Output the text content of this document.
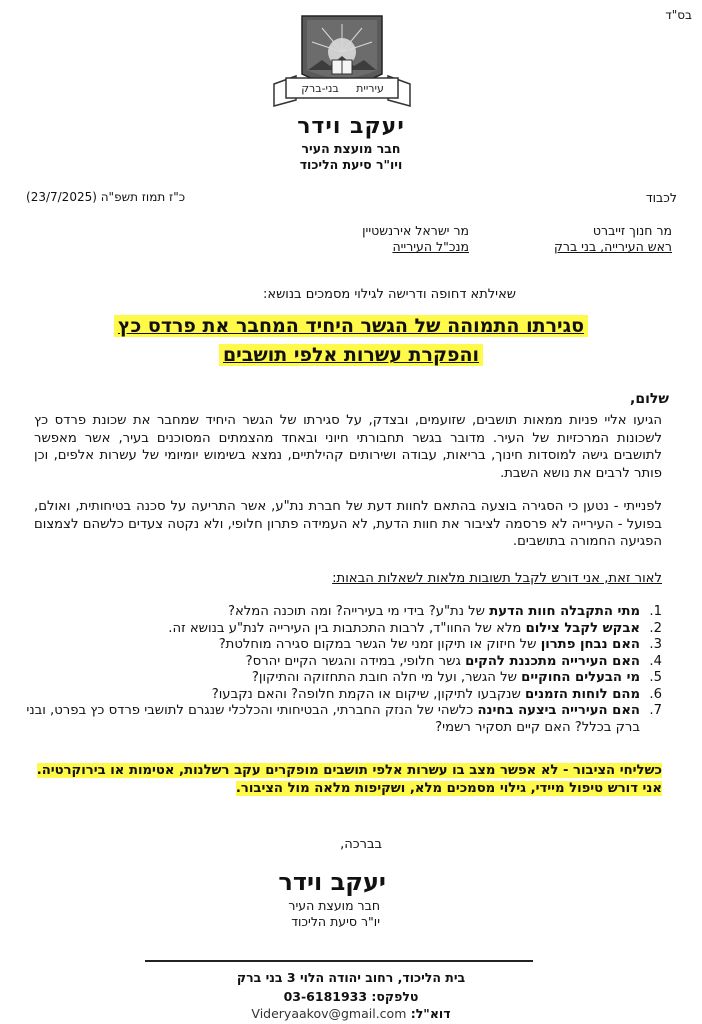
בס"ד
בני-ברק עיריית
יעקב וידר
חבר מועצת העיר
ויו"ר סיעת הליכוד
לכבוד
כ"ז תמוז תשפ"ה (23/7/2025)
מר חנוך זייברט
ראש העירייה, בני ברק
מר ישראל אירנשטיין
מנכ"ל העירייה
שאילתא דחופה ודרישה לגילוי מסמכים בנושא:
סגירתו התמוהה של הגשר היחיד המחבר את פרדס כץ
והפקרת עשרות אלפי תושבים
שלום,
הגיעו אליי פניות ממאות תושבים, שזועמים, ובצדק, על סגירתו של הגשר היחיד שמחבר את שכונת פרדס כץ לשכונות המרכזיות של העיר. מדובר בגשר תחבורתי חיוני ובאחד מהצמתים המסוכנים בעיר, אשר מאפשר לתושבים גישה למוסדות חינוך, בריאות, עבודה ושירותים קהילתיים, נמצא בשימוש יומיומי של עשרות אלפים, וכן פותר לרבים את נושא השבת.
לפנייתי - נטען כי הסגירה בוצעה בהתאם לחוות דעת של חברת נת"ע, אשר התריעה על סכנה בטיחותית, ואולם, בפועל - העירייה לא פרסמה לציבור את חוות הדעת, לא העמידה פתרון חלופי, ולא נקטה צעדים כלשהם לצמצום הפגיעה החמורה בתושבים.
לאור זאת, אני דורש לקבל תשובות מלאות לשאלות הבאות:
1.
מתי התקבלה חוות הדעת של נת"ע? בידי מי בעירייה? ומה תוכנה המלא?
2.
אבקש לקבל צילום מלא של החוו"ד, לרבות התכתבות בין העירייה לנת"ע בנושא זה.
3.
האם נבחן פתרון של חיזוק או תיקון זמני של הגשר במקום סגירה מוחלטת?
4.
האם העירייה מתכננת להקים גשר חלופי, במידה והגשר הקיים יהרס?
5.
מי הבעלים החוקיים של הגשר, ועל מי חלה חובת התחזוקה והתיקון?
6.
מהם לוחות הזמנים שנקבעו לתיקון, שיקום או הקמת חלופה? והאם נקבעו?
7.
האם העירייה ביצעה בחינה כלשהי של הנזק החברתי, הבטיחותי והכלכלי שנגרם לתושבי פרדס כץ בפרט, ובני ברק בכלל? האם קיים תסקיר רשמי?
כשליחי הציבור - לא אפשר מצב בו עשרות אלפי תושבים מופקרים עקב רשלנות, אטימות או בירוקרטיה. אני דורש טיפול מיידי, גילוי מסמכים מלא, ושקיפות מלאה מול הציבור.
בברכה,
יעקב וידר
חבר מועצת העיר
יו"ר סיעת הליכוד
בית הליכוד, רחוב יהודה הלוי 3 בני ברק
טלפקס: 03-6181933
דוא"ל: Videryaakov@gmail.com
